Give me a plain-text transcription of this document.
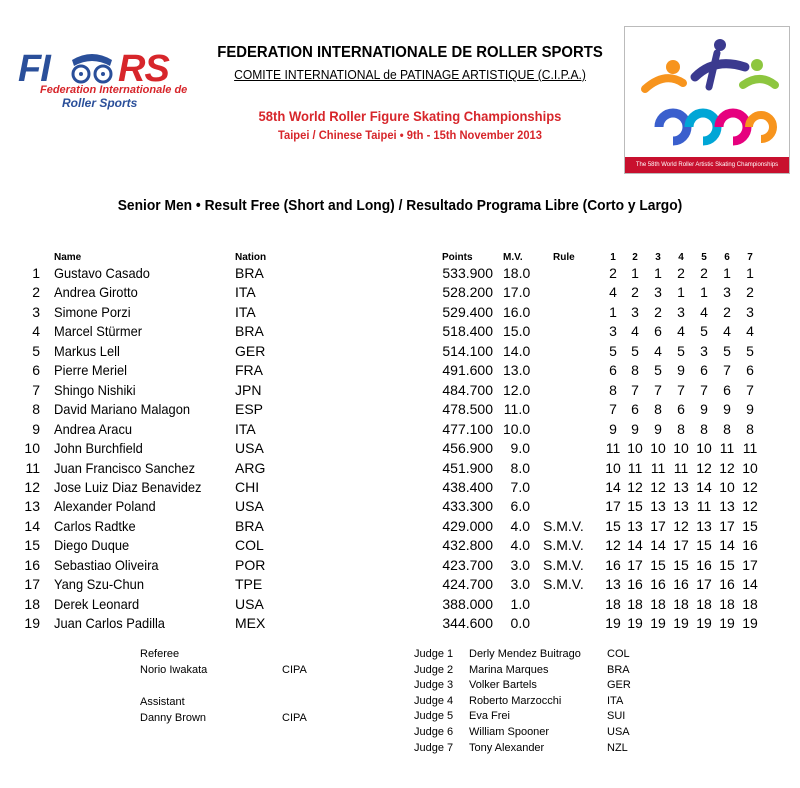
FI RS
Federation Internationale de
Roller Sports
FEDERATION INTERNATIONALE DE ROLLER SPORTS
COMITE INTERNATIONAL de PATINAGE ARTISTIQUE (C.I.P.A.)
58th World Roller Figure Skating Championships
Taipei / Chinese Taipei • 9th - 15th November 2013
The 58th World Roller Artistic Skating Championships
Senior Men • Result Free (Short and Long) / Resultado Programa Libre (Corto y Largo)
Name	Nation	Points	M.V.	Rule	1	2	3	4	5	6	7
1 Gustavo Casado	BRA	533.900 18.0	2	1	1	2	2	1	1
2 Andrea Girotto	ITA	528.200 17.0	4	2	3	1	1	3	2
3 Simone Porzi	ITA	529.400 16.0	1	3	2	3	4	2	3
4 Marcel Stürmer	BRA	518.400 15.0	3	4	6	4	5	4	4
5 Markus Lell	GER	514.100 14.0	5	5	4	5	3	5	5
6 Pierre Meriel	FRA	491.600 13.0	6	8	5	9	6	7	6
7 Shingo Nishiki	JPN	484.700 12.0	8	7	7	7	7	6	7
8 David Mariano Malagon	ESP	478.500 11.0	7	6	8	6	9	9	9
9 Andrea Aracu	ITA	477.100 10.0	9	9	9	8	8	8	8
10 John Burchfield	USA	456.900	9.0	11 10 10 10 10 11 11
11 Juan Francisco Sanchez	ARG	451.900	8.0	10 11 11 11 12 12 10
12 Jose Luiz Diaz Benavidez CHI	438.400	7.0	14 12 12 13 14 10 12
13 Alexander Poland	USA	433.300	6.0	17 15 13 13 11 13 12
14 Carlos Radtke	BRA	429.000	4.0 S.M.V. 15 13 17 12 13 17 15
15 Diego Duque	COL	432.800	4.0 S.M.V. 12 14 14 17 15 14 16
16 Sebastiao Oliveira	POR	423.700	3.0 S.M.V. 16 17 15 15 16 15 17
17 Yang Szu-Chun	TPE	424.700	3.0 S.M.V. 13 16 16 16 17 16 14
18 Derek Leonard	USA	388.000	1.0	18 18 18 18 18 18 18
19 Juan Carlos Padilla	MEX	344.600	0.0	19 19 19 19 19 19 19
Referee
Norio Iwakata	CIPA
Assistant
Danny Brown	CIPA
Judge 1 Derly Mendez Buitrago COL
Judge 2 Marina Marques	BRA
Judge 3 Volker Bartels	GER
Judge 4 Roberto Marzocchi	ITA
Judge 5 Eva Frei	SUI
Judge 6 William Spooner	USA
Judge 7 Tony Alexander	NZL
